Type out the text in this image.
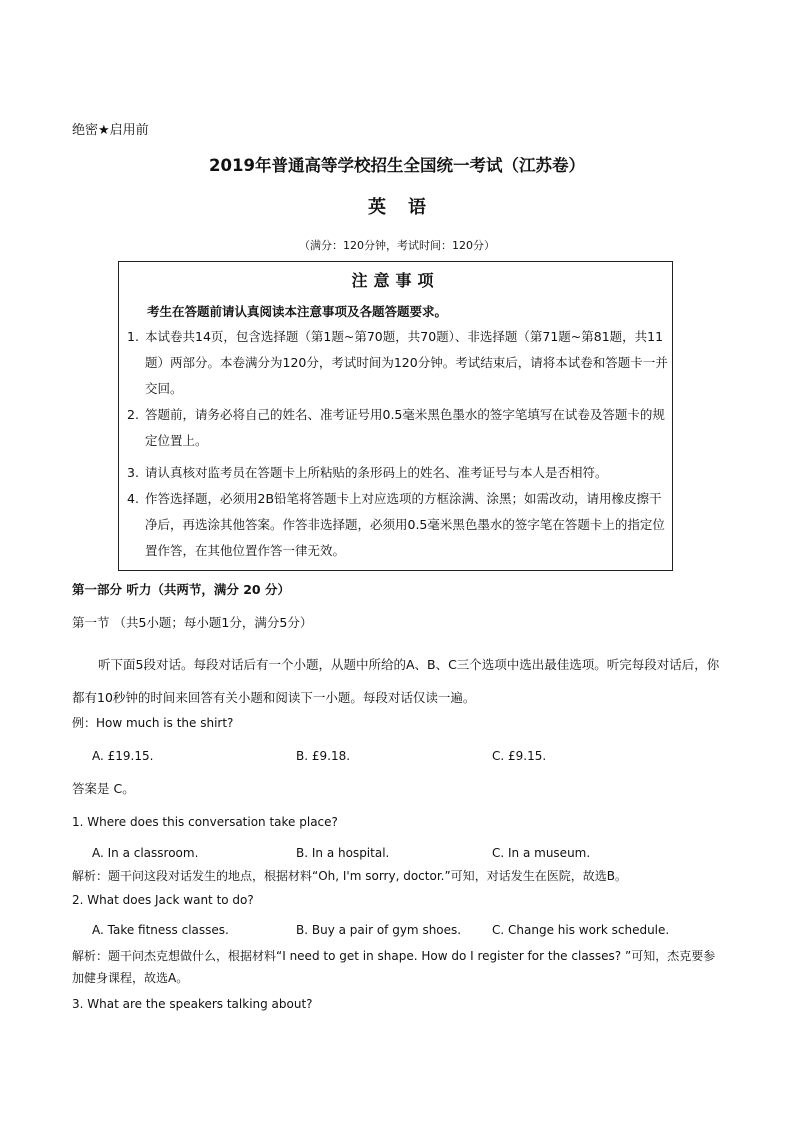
绝密★启用前
2019年普通高等学校招生全国统一考试（江苏卷）
英语
（满分：120分钟，考试时间：120分）
注意事项
考生在答题前请认真阅读本注意事项及各题答题要求。
1. 本试卷共14页，包含选择题（第1题~第70题，共70题）、非选择题（第71题~第81题，共11题）两部分。本卷满分为120分，考试时间为120分钟。考试结束后，请将本试卷和答题卡一并交回。
2. 答题前，请务必将自己的姓名、准考证号用0.5毫米黑色墨水的签字笔填写在试卷及答题卡的规定位置上。
3. 请认真核对监考员在答题卡上所粘贴的条形码上的姓名、准考证号与本人是否相符。
4. 作答选择题，必须用2B铅笔将答题卡上对应选项的方框涂满、涂黑；如需改动，请用橡皮擦干净后，再选涂其他答案。作答非选择题，必须用0.5毫米黑色墨水的签字笔在答题卡上的指定位置作答，在其他位置作答一律无效。
第一部分 听力（共两节，满分 20 分）
第一节 （共5小题；每小题1分，满分5分）
听下面5段对话。每段对话后有一个小题，从题中所给的A、B、C三个选项中选出最佳选项。听完每段对话后，你都有10秒钟的时间来回答有关小题和阅读下一小题。每段对话仅读一遍。
例：How much is the shirt?
A. £19.15.	B. £9.18.	C. £9.15.
答案是 C。
1. Where does this conversation take place?
A. In a classroom.	B. In a hospital.	C. In a museum.
解析：题干问这段对话发生的地点，根据材料“Oh, I'm sorry, doctor.”可知，对话发生在医院，故选B。
2. What does Jack want to do?
A. Take fitness classes.	B. Buy a pair of gym shoes.	C. Change his work schedule.
解析：题干问杰克想做什么，根据材料“I need to get in shape. How do I register for the classes? ”可知，杰克要参加健身课程，故选A。
3. What are the speakers talking about?
